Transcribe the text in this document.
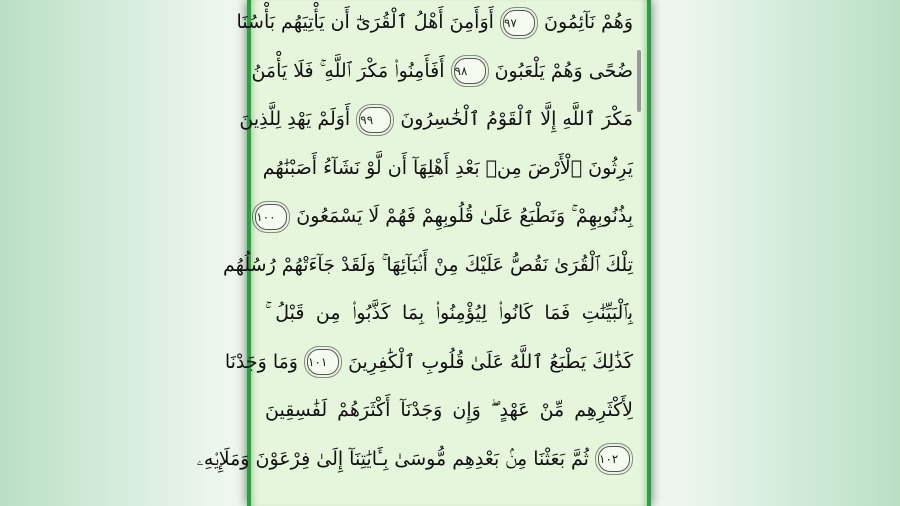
وَهُمْ نَآئِمُونَ ٩٧ أَوَأَمِنَ أَهْلُ ٱلْقُرَىٰٓ أَن يَأْتِيَهُم بَأْسُنَا
ضُحًى وَهُمْ يَلْعَبُونَ ٩٨ أَفَأَمِنُوا۟ مَكْرَ ٱللَّهِ ۚ فَلَا يَأْمَنُ
مَكْرَ ٱللَّهِ إِلَّا ٱلْقَوْمُ ٱلْخَٰسِرُونَ ٩٩ أَوَلَمْ يَهْدِ لِلَّذِينَ
يَرِثُونَ ٱلْأَرْضَ مِنۢ بَعْدِ أَهْلِهَآ أَن لَّوْ نَشَآءُ أَصَبْنَٰهُم
بِذُنُوبِهِمْ ۚ وَنَطْبَعُ عَلَىٰ قُلُوبِهِمْ فَهُمْ لَا يَسْمَعُونَ ١٠٠
تِلْكَ ٱلْقُرَىٰ نَقُصُّ عَلَيْكَ مِنْ أَنۢبَآئِهَا ۚ وَلَقَدْ جَآءَتْهُمْ رُسُلُهُم
بِٱلْبَيِّنَٰتِ فَمَا كَانُوا۟ لِيُؤْمِنُوا۟ بِمَا كَذَّبُوا۟ مِن قَبْلُ ۚ
كَذَٰلِكَ يَطْبَعُ ٱللَّهُ عَلَىٰ قُلُوبِ ٱلْكَٰفِرِينَ ١٠١ وَمَا وَجَدْنَا
لِأَكْثَرِهِم مِّنْ عَهْدٍ ۖ وَإِن وَجَدْنَآ أَكْثَرَهُمْ لَفَٰسِقِينَ
١٠٢ ثُمَّ بَعَثْنَا مِنۢ بَعْدِهِم مُّوسَىٰ بِـَٔايَٰتِنَآ إِلَىٰ فِرْعَوْنَ وَمَلَإِي۟هِۦ
